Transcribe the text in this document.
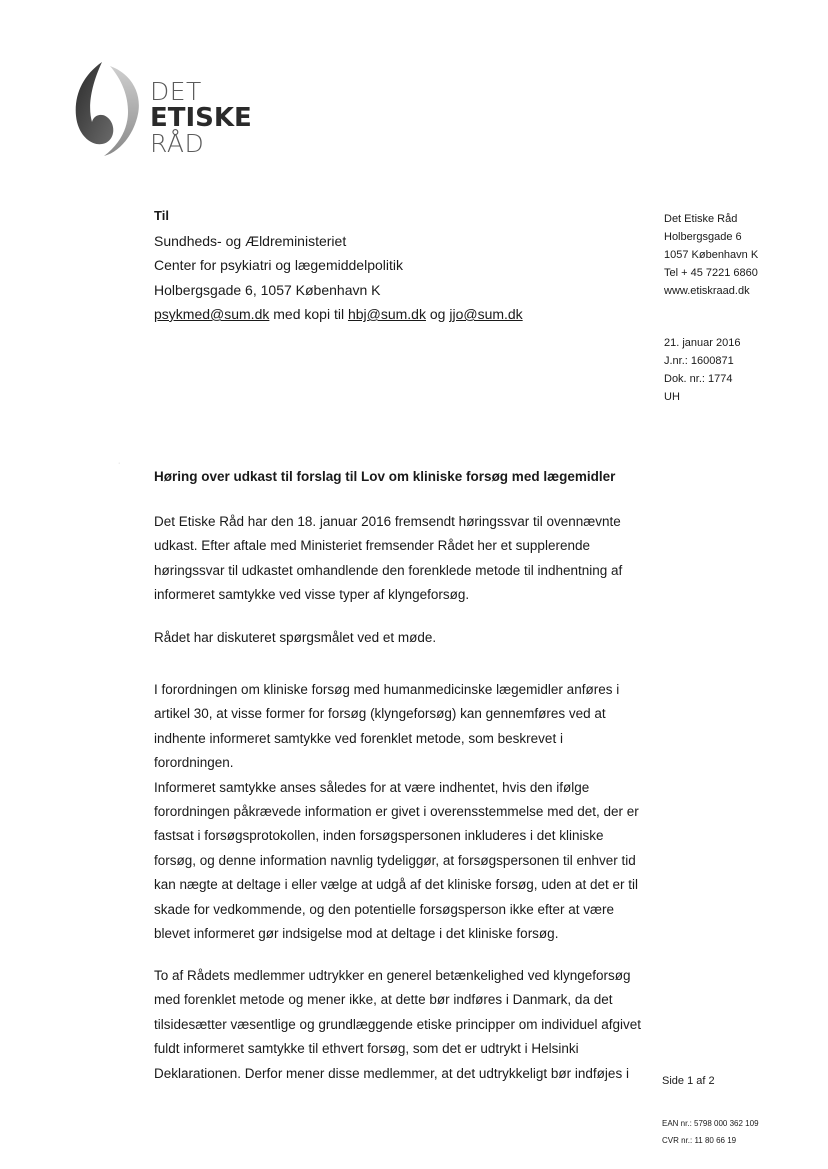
DET
ETISKE
RÅD
Til
Sundheds- og Ældreministeriet
Center for psykiatri og lægemiddelpolitik
Holbergsgade 6, 1057 København K
psykmed@sum.dk med kopi til hbj@sum.dk og jjo@sum.dk
Det Etiske Råd
Holbergsgade 6
1057 København K
Tel + 45 7221 6860
www.etiskraad.dk
21. januar 2016
J.nr.: 1600871
Dok. nr.: 1774
UH
·
Høring over udkast til forslag til Lov om kliniske forsøg med lægemidler

Det Etiske Råd har den 18. januar 2016 fremsendt høringssvar til ovennævnte udkast. Efter aftale med Ministeriet fremsender Rådet her et supplerende høringssvar til udkastet omhandlende den forenklede metode til indhentning af informeret samtykke ved visse typer af klyngeforsøg.

Rådet har diskuteret spørgsmålet ved et møde.

I forordningen om kliniske forsøg med humanmedicinske lægemidler anføres i artikel 30, at visse former for forsøg (klyngeforsøg) kan gennemføres ved at indhente informeret samtykke ved forenklet metode, som beskrevet i forordningen.

Informeret samtykke anses således for at være indhentet, hvis den ifølge forordningen påkrævede information er givet i overensstemmelse med det, der er fastsat i forsøgsprotokollen, inden forsøgspersonen inkluderes i det kliniske forsøg, og denne information navnlig tydeliggør, at forsøgspersonen til enhver tid kan nægte at deltage i eller vælge at udgå af det kliniske forsøg, uden at det er til skade for vedkommende, og den potentielle forsøgsperson ikke efter at være blevet informeret gør indsigelse mod at deltage i det kliniske forsøg.

To af Rådets medlemmer udtrykker en generel betænkelighed ved klyngeforsøg med forenklet metode og mener ikke, at dette bør indføres i Danmark, da det tilsidesætter væsentlige og grundlæggende etiske principper om individuel afgivet fuldt informeret samtykke til ethvert forsøg, som det er udtrykt i Helsinki Deklarationen. Derfor mener disse medlemmer, at det udtrykkeligt bør indføjes i

Side 1 af 2
EAN nr.: 5798 000 362 109
CVR nr.: 11 80 66 19
